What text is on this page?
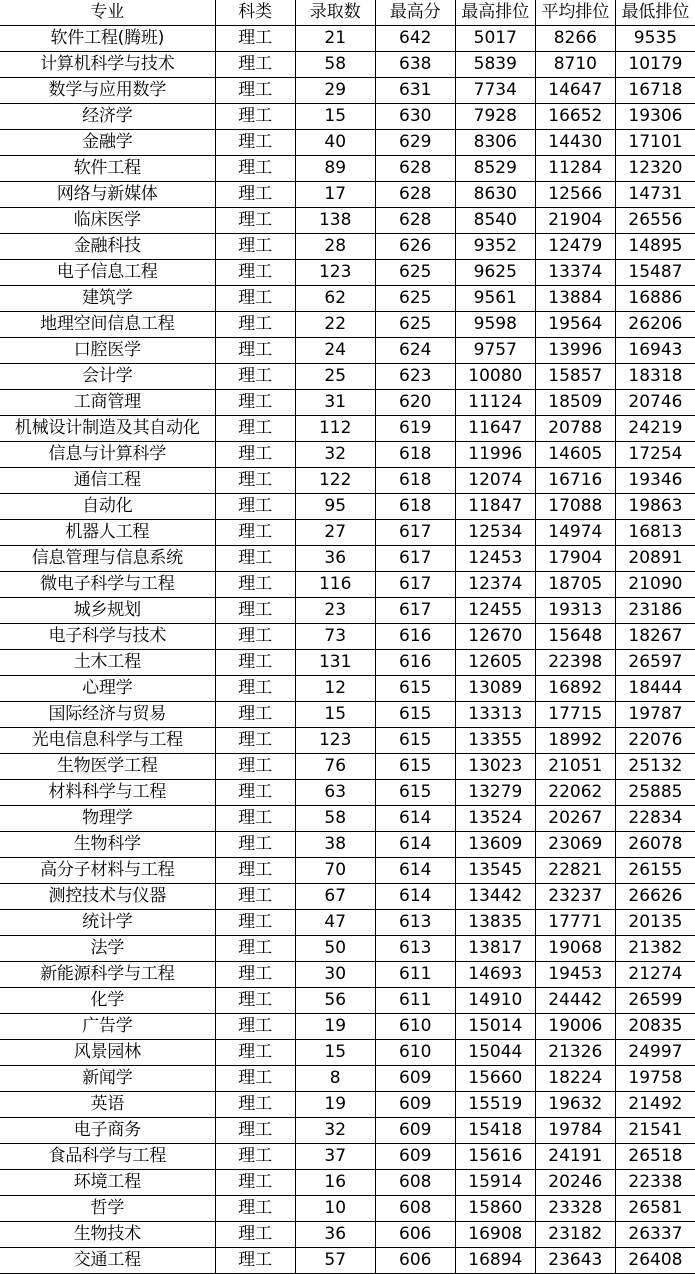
专业	科类	录取数	最高分	最高排位	平均排位	最低排位
软件工程(腾班)	理工	21	642	5017	8266	9535
计算机科学与技术	理工	58	638	5839	8710	10179
数学与应用数学	理工	29	631	7734	14647	16718
经济学	理工	15	630	7928	16652	19306
金融学	理工	40	629	8306	14430	17101
软件工程	理工	89	628	8529	11284	12320
网络与新媒体	理工	17	628	8630	12566	14731
临床医学	理工	138	628	8540	21904	26556
金融科技	理工	28	626	9352	12479	14895
电子信息工程	理工	123	625	9625	13374	15487
建筑学	理工	62	625	9561	13884	16886
地理空间信息工程	理工	22	625	9598	19564	26206
口腔医学	理工	24	624	9757	13996	16943
会计学	理工	25	623	10080	15857	18318
工商管理	理工	31	620	11124	18509	20746
机械设计制造及其自动化	理工	112	619	11647	20788	24219
信息与计算科学	理工	32	618	11996	14605	17254
通信工程	理工	122	618	12074	16716	19346
自动化	理工	95	618	11847	17088	19863
机器人工程	理工	27	617	12534	14974	16813
信息管理与信息系统	理工	36	617	12453	17904	20891
微电子科学与工程	理工	116	617	12374	18705	21090
城乡规划	理工	23	617	12455	19313	23186
电子科学与技术	理工	73	616	12670	15648	18267
土木工程	理工	131	616	12605	22398	26597
心理学	理工	12	615	13089	16892	18444
国际经济与贸易	理工	15	615	13313	17715	19787
光电信息科学与工程	理工	123	615	13355	18992	22076
生物医学工程	理工	76	615	13023	21051	25132
材料科学与工程	理工	63	615	13279	22062	25885
物理学	理工	58	614	13524	20267	22834
生物科学	理工	38	614	13609	23069	26078
高分子材料与工程	理工	70	614	13545	22821	26155
测控技术与仪器	理工	67	614	13442	23237	26626
统计学	理工	47	613	13835	17771	20135
法学	理工	50	613	13817	19068	21382
新能源科学与工程	理工	30	611	14693	19453	21274
化学	理工	56	611	14910	24442	26599
广告学	理工	19	610	15014	19006	20835
风景园林	理工	15	610	15044	21326	24997
新闻学	理工	8	609	15660	18224	19758
英语	理工	19	609	15519	19632	21492
电子商务	理工	32	609	15418	19784	21541
食品科学与工程	理工	37	609	15616	24191	26518
环境工程	理工	16	608	15914	20246	22338
哲学	理工	10	608	15860	23328	26581
生物技术	理工	36	606	16908	23182	26337
交通工程	理工	57	606	16894	23643	26408
